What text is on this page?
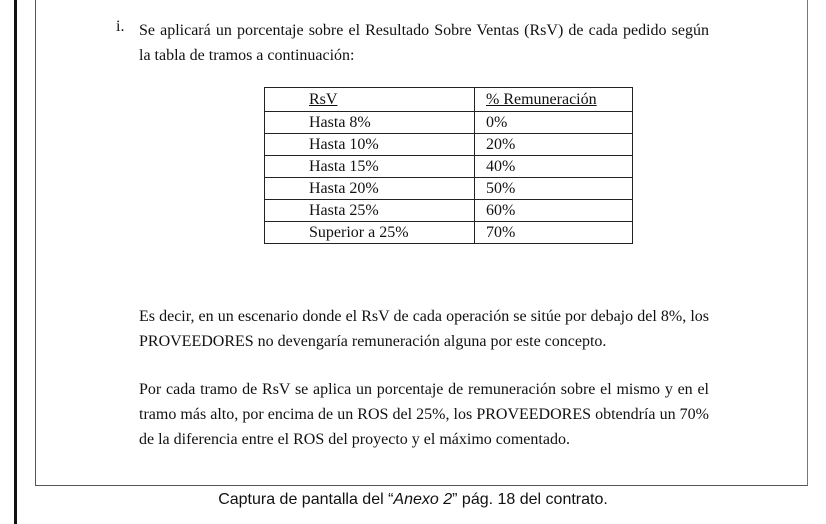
i. Se aplicará un porcentaje sobre el Resultado Sobre Ventas (RsV) de cada pedido según la tabla de tramos a continuación:

RsV	% Remuneración
Hasta 8%	0%
Hasta 10%	20%
Hasta 15%	40%
Hasta 20%	50%
Hasta 25%	60%
Superior a 25%	70%

Es decir, en un escenario donde el RsV de cada operación se sitúe por debajo del 8%, los PROVEEDORES no devengaría remuneración alguna por este concepto.

Por cada tramo de RsV se aplica un porcentaje de remuneración sobre el mismo y en el tramo más alto, por encima de un ROS del 25%, los PROVEEDORES obtendría un 70% de la diferencia entre el ROS del proyecto y el máximo comentado.

Captura de pantalla del “Anexo 2” pág. 18 del contrato.
